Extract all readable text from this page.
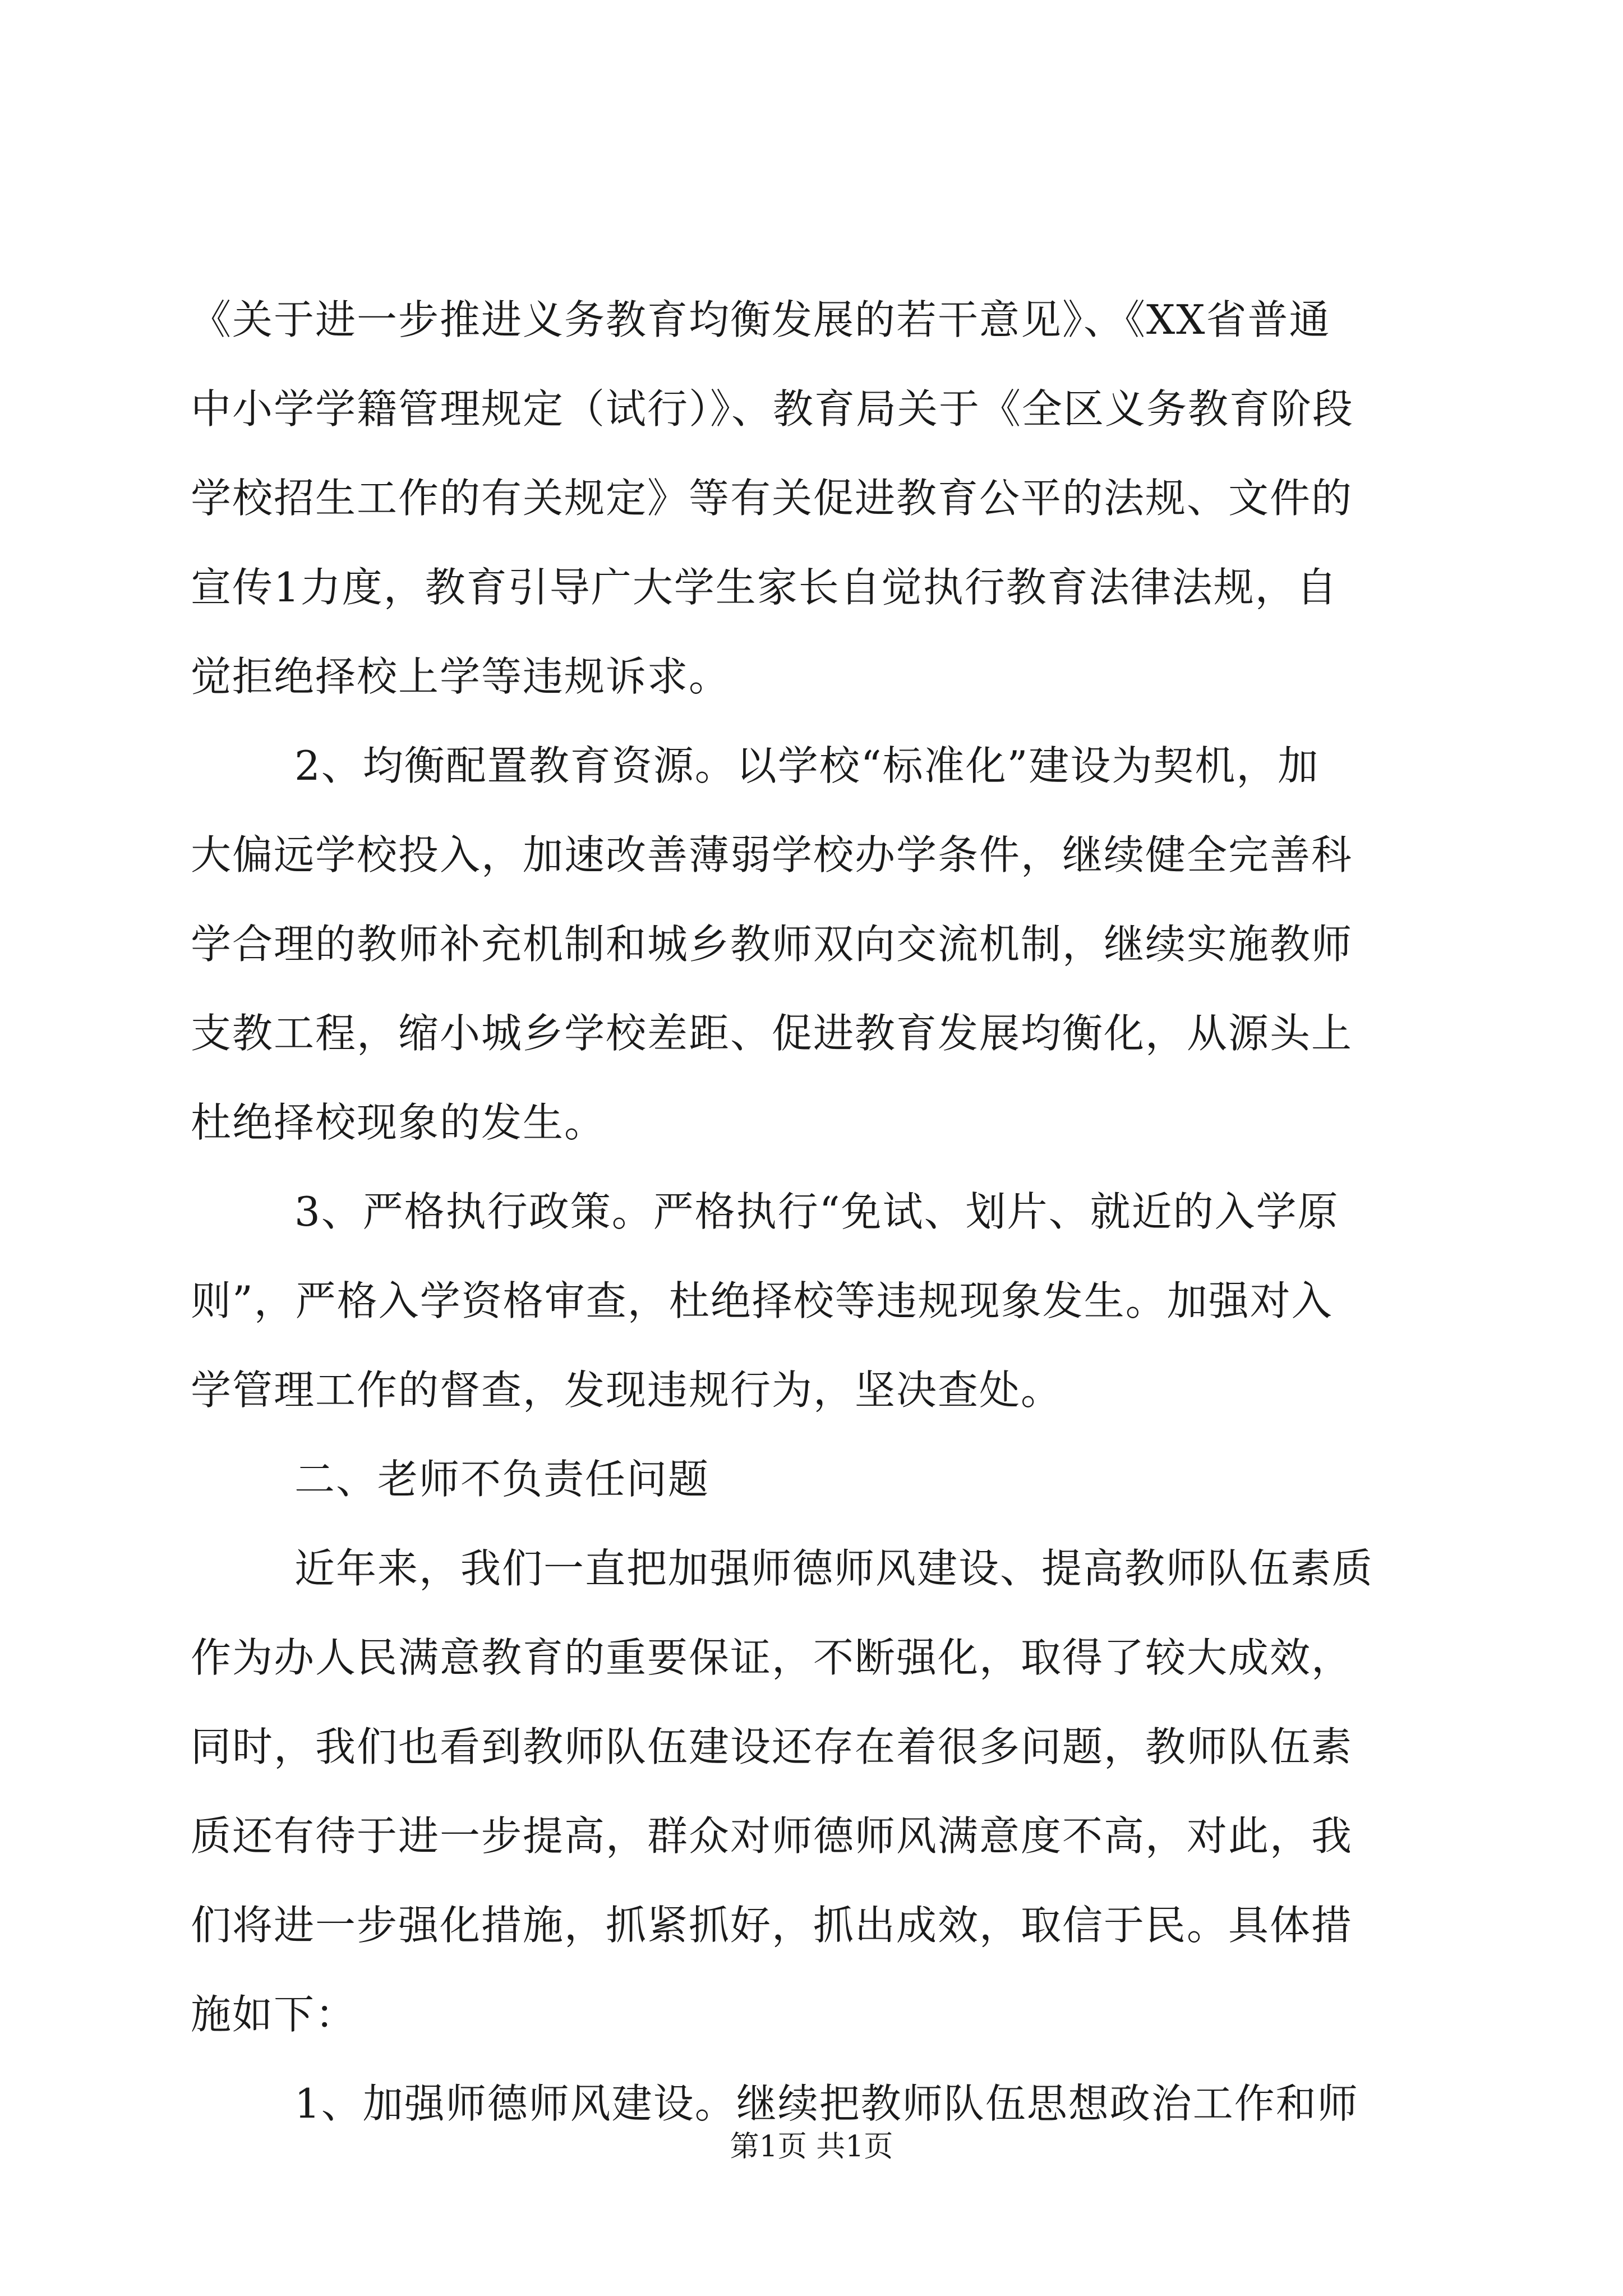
《关于进一步推进义务教育均衡发展的若干意见》、《XX省普通
中小学学籍管理规定（试行）》、教育局关于《全区义务教育阶段
学校招生工作的有关规定》等有关促进教育公平的法规、文件的
宣传1力度，教育引导广大学生家长自觉执行教育法律法规，自
觉拒绝择校上学等违规诉求。
2、均衡配置教育资源。以学校“标准化”建设为契机，加
大偏远学校投入，加速改善薄弱学校办学条件，继续健全完善科
学合理的教师补充机制和城乡教师双向交流机制，继续实施教师
支教工程，缩小城乡学校差距、促进教育发展均衡化，从源头上
杜绝择校现象的发生。
3、严格执行政策。严格执行“免试、划片、就近的入学原
则”，严格入学资格审查，杜绝择校等违规现象发生。加强对入
学管理工作的督查，发现违规行为，坚决查处。
二、老师不负责任问题
近年来，我们一直把加强师德师风建设、提高教师队伍素质
作为办人民满意教育的重要保证，不断强化，取得了较大成效，
同时，我们也看到教师队伍建设还存在着很多问题，教师队伍素
质还有待于进一步提高，群众对师德师风满意度不高，对此，我
们将进一步强化措施，抓紧抓好，抓出成效，取信于民。具体措
施如下：
1、加强师德师风建设。继续把教师队伍思想政治工作和师
第1页 共1页
